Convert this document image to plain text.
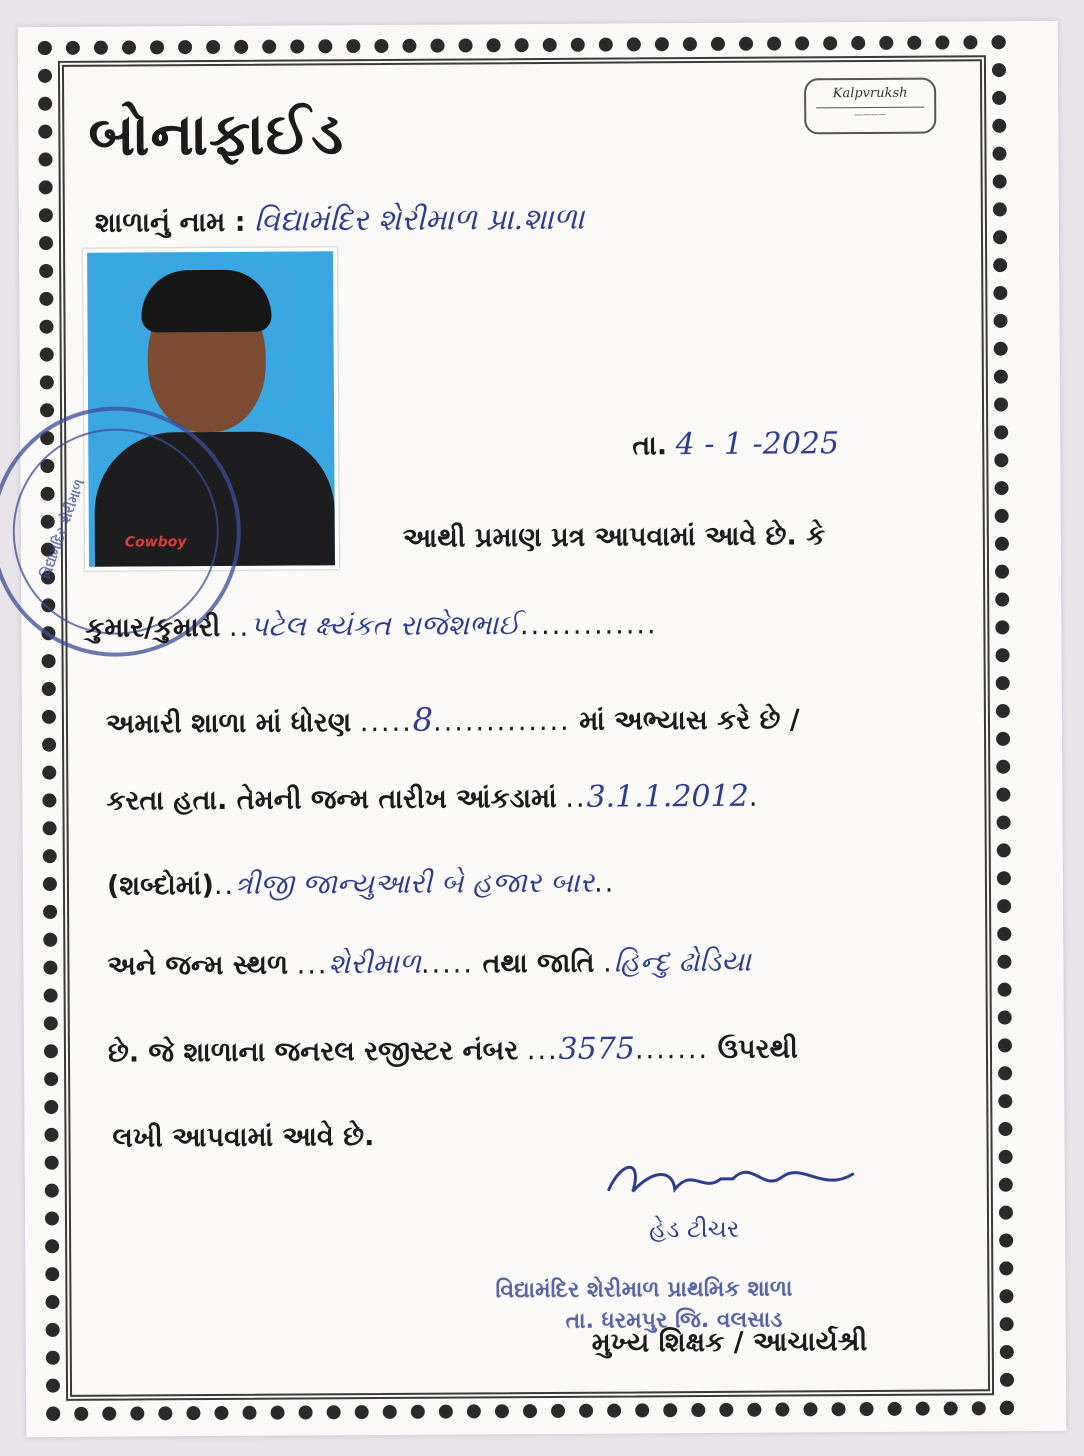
બોનાફાઈડ
Kalpvruksh
————
શાળાનું નામ : વિદ્યામંદિર શેરીમાળ પ્રા.શાળા
Cowboy
વિદ્યામંદિર શેરીમાળ
તા. 4 - 1 -2025
આથી પ્રમાણ પ્રત્ર આપવામાં આવે છે. કે
કુમાર/કુમારી ..પટેલ ક્ષ્યંકત રાજેશભાઈ.............
અમારી શાળા માં ધોરણ .....8............. માં અભ્યાસ કરે છે /
કરતા હતા. તેમની જન્મ તારીખ આંકડામાં ..3.1.1.2012.
(શબ્દોમાં)..ત્રીજી જાન્યુઆરી બે હજાર બાર..
અને જન્મ સ્થળ ...શેરીમાળ..... તથા જાતિ .હિન્દુ ઢોડિયા
છે. જે શાળાના જનરલ રજીસ્ટર નંબર ...3575....... ઉપરથી
લખી આપવામાં આવે છે.
હેડ ટીચર
વિદ્યામંદિર શેરીમાળ પ્રાથમિક શાળા
તા. ધરમપુર જિ. વલસાડ
મુખ્ય શિક્ષક / આચાર્યશ્રી
